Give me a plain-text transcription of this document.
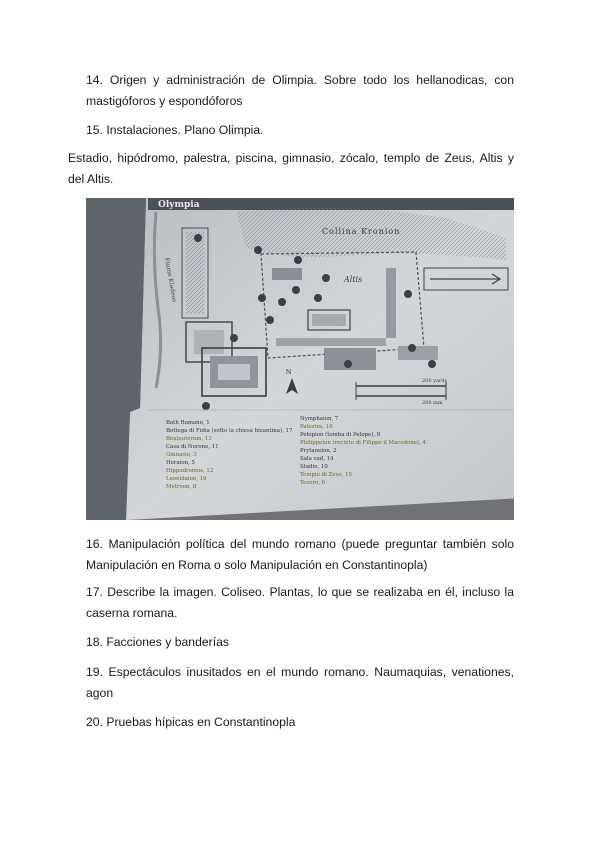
14. Origen y administración de Olimpia. Sobre todo los hellanodicas, con
mastigóforos y espondóforos
15. Instalaciones. Plano Olimpia.
Estadio, hipódromo, palestra, piscina, gimnasio, zócalo, templo de Zeus, Altis y
del Altis.
Olympia
Fiume Kladeos
Collina Kronion
Altis
N
200 yards
200 mm
Bath Romano, 1
Bottega di Fidia (sotto la chiesa bizantina), 17
Bouleuterion, 13
Casa di Nerone, 11
Ginnasio, 3
Heraion, 5
Hippodromos, 12
Leonidaion, 16
Metroon, 8
Nymphaion, 7
Palestra, 18
Pelopion (tomba di Pelope), 9
Philippeion (recinto di Filippo il Macedone), 4
Prytaneion, 2
Sala sud, 14
Stadio, 10
Tempio di Zeus, 15
Tesoro, 6
16. Manipulación política del mundo romano (puede preguntar también solo
Manipulación en Roma o solo Manipulación en Constantinopla)
17. Describe la imagen. Coliseo. Plantas, lo que se realizaba en él, incluso la
caserna romana.
18. Facciones y banderías
19. Espectáculos inusitados en el mundo romano. Naumaquias, venationes,
agon
20. Pruebas hípicas en Constantinopla
